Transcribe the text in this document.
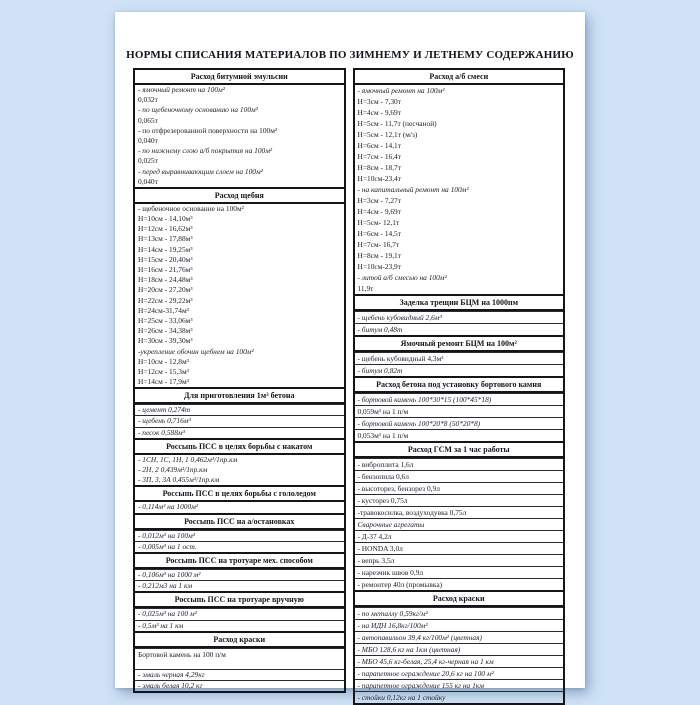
НОРМЫ СПИСАНИЯ МАТЕРИАЛОВ ПО ЗИМНЕМУ И ЛЕТНЕМУ СОДЕРЖАНИЮ
Расход битумной эмульсии
- ямочный ремонт на 100м²
0,032т
- по щебеночному основанию на 100м²
0,065т
- по отфрезерованной поверхности на 100м²
0,040т
- по нижнему слою а/б покрытия на 100м²
0,025т
- перед выравнивающим слоем на 100м²
0,040т
Расход щебня
- щебеночное основание на 100м²
Н=10см - 14,10м³
Н=12см - 16,62м³
Н=13см - 17,88м³
Н=14см - 19,25м³
Н=15см - 20,40м³
Н=16см - 21,76м³
Н=18см - 24,48м³
Н=20см - 27,20м³
Н=22см - 29,22м³
Н=24см-31,74м³
Н=25см - 33,06м³
Н=26см - 34,38м³
Н=30см - 39,30м³
-укрепление обочин щебнем на 100м²
Н=10см - 12,8м³
Н=12см - 15,3м³
Н=14см - 17,9м³
Для приготовления 1м³ бетона
- цемент 0,274т
- щебень 0,716м³
- песок 0,588м³
Россыпь ПСС в целях борьбы с накатом
- 1СН, 1С, 1Н, 1 0,462м³/1пр.км
- 2Н, 2 0,439м³/1пр.км
- 3П, 3, 3А 0,455м³/1пр.км
Россыпь ПСС в целях борьбы с гололедом
- 0,114м³ на 1000м²
Россыпь ПСС на а/остановках
- 0,012м³ на 100м²
- 0,005м³ на 1 ост.
Россыпь ПСС на тротуаре мех. способом
- 0,106м³ на 1000 м²
- 0,212м3 на 1 км
Россыпь ПСС на тротуаре вручную
- 0,025м³ на 100 м²
- 0,5м³ на 1 км
Расход краски
Бортовой камень на 100 п/м
- эмаль черная 4,29кг
- эмаль белая 10,2 кг
Расход а/б смеси
- ямочный ремонт на 100м²
Н=3см - 7,30т
Н=4см - 9,69т
Н=5см - 11,7т (песчаной)
Н=5см - 12,1т (м/з)
Н=6см - 14,1т
Н=7см - 16,4т
Н=8см - 18,7т
Н=10см-23,4т
- на капитальный ремонт на 100м²
Н=3см - 7,27т
Н=4см - 9,69т
Н=5см- 12,1т
Н=6см - 14,5т
Н=7см- 16,7т
Н=8см - 19,1т
Н=10см-23,9т
- литой а/б смесью на 100м²
11,9т
Заделка трещин БЦМ на 1000пм
- щебень кубовидный 2,6м³
- битум 0,48т
Ямочный ремонт БЦМ на 100м²
- щебень кубовидный 4,3м³
- битум 0,82т
Расход бетона под установку бортового камня
- бортовой камень 100*30*15 (100*45*18)
0,059м³ на 1 п/м
- бортовой камень 100*20*8 (50*20*8)
0,053м³ на 1 п/м
Расход ГСМ за 1 час работы
- виброплита 1,6л
- бензопила 0,6л
- высоторез, бензорез 0,9л
- кусторез 0,75л
-травокосилка, воздуходувка 0,75л
Сварочные агрегаты
- Д-37 4,2л
- HONDA 3,0л
- вепрь 3,5л
- нарезчик швов 0,9л
- ремонтер 40л (промывка)
Расход краски
- по металлу 0,59кг/м²
- на ИДН 16,8кг/100м²
- автопавильон 39,4 кг/100м² (цветная)
- МБО 128,6 кг на 1км (цветная)
- МБО 45,6 кг-белая, 25,4 кг-черная на 1 км
- парапетное ограждение 20,6 кг на 100 м²
- парапетное ограждение 155 кг на 1км
- стойки 0,12кг на 1 стойку
